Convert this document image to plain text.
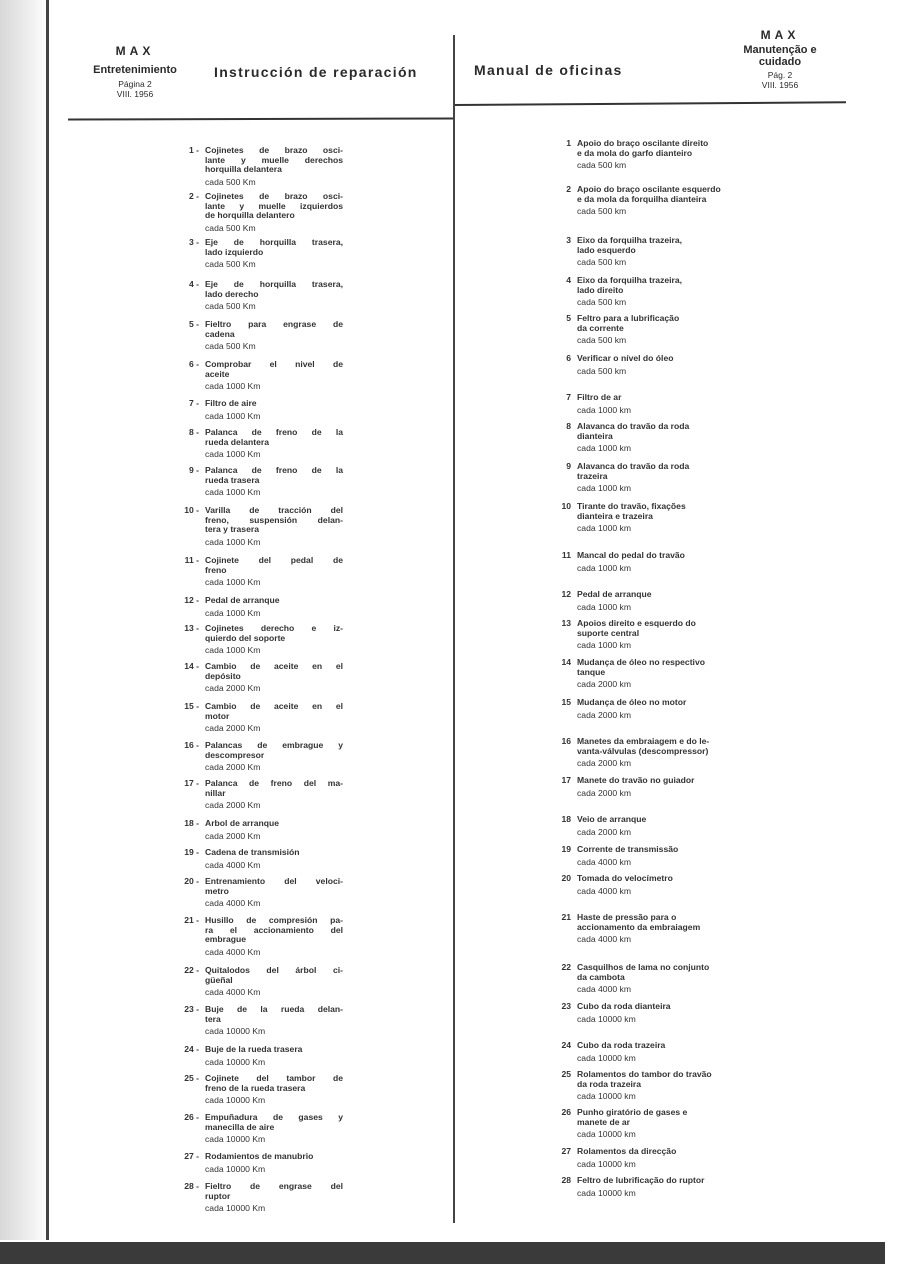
MAX
Entretenimiento
Página 2
VIII. 1956
Instrucción de reparación	Manual de oficinas
MAX
Manutenção e
cuidado
Pág. 2
VIII. 1956
1 - Cojinetes de brazo osci-
lante y muelle derechos
horquilla delantera
cada 500 Km
2 - Cojinetes de brazo osci-
lante y muelle izquierdos
de horquilla delantero
cada 500 Km
3 - Eje de horquilla trasera,
lado izquierdo
cada 500 Km
4 - Eje de horquilla trasera,
lado derecho
cada 500 Km
5 - Fieltro para engrase de
cadena
cada 500 Km
6 - Comprobar el nivel de
aceite
cada 1000 Km
7 - Filtro de aire
cada 1000 Km
8 - Palanca de freno de la
rueda delantera
cada 1000 Km
9 - Palanca de freno de la
rueda trasera
cada 1000 Km
10 - Varilla de tracción del
freno, suspensión delan-
tera y trasera
cada 1000 Km
11 - Cojinete del pedal de
freno
cada 1000 Km
12 - Pedal de arranque
cada 1000 Km
13 - Cojinetes derecho e iz-
quierdo del soporte
cada 1000 Km
14 - Cambio de aceite en el
depósito
cada 2000 Km
15 - Cambio de aceite en el
motor
cada 2000 Km
16 - Palancas de embrague y
descompresor
cada 2000 Km
17 - Palanca de freno del ma-
nillar
cada 2000 Km
18 - Arbol de arranque
cada 2000 Km
19 - Cadena de transmisión
cada 4000 Km
20 - Entrenamiento del veloci-
metro
cada 4000 Km
21 - Husillo de compresión pa-
ra el accionamiento del
embrague
cada 4000 Km
22 - Quitalodos del árbol ci-
güeñal
cada 4000 Km
23 - Buje de la rueda delan-
tera
cada 10000 Km
24 - Buje de la rueda trasera
cada 10000 Km
25 - Cojinete del tambor de
freno de la rueda trasera
cada 10000 Km
26 - Empuñadura de gases y
manecilla de aire
cada 10000 Km
27 - Rodamientos de manubrio
cada 10000 Km
28 - Fieltro de engrase del
ruptor
cada 10000 Km
1 Apoio do braço oscilante direito
e da mola do garfo dianteiro
cada 500 km
2 Apoio do braço oscilante esquerdo
e da mola da forquilha dianteira
cada 500 km
3 Eixo da forquilha trazeira,
lado esquerdo
cada 500 km
4 Eixo da forquilha trazeira,
lado direito
cada 500 km
5 Feltro para a lubrificação
da corrente
cada 500 km
6 Verificar o nível do óleo
cada 500 km
7 Filtro de ar
cada 1000 km
8 Alavanca do travão da roda
dianteira
cada 1000 km
9 Alavanca do travão da roda
trazeira
cada 1000 km
10 Tirante do travão, fixações
dianteira e trazeira
cada 1000 km
11 Mancal do pedal do travão
cada 1000 km
12 Pedal de arranque
cada 1000 km
13 Apoios direito e esquerdo do
suporte central
cada 1000 km
14 Mudança de óleo no respectivo
tanque
cada 2000 km
15 Mudança de óleo no motor
cada 2000 km
16 Manetes da embraiagem e do le-
vanta-válvulas (descompressor)
cada 2000 km
17 Manete do travão no guiador
cada 2000 km
18 Veio de arranque
cada 2000 km
19 Corrente de transmissão
cada 4000 km
20 Tomada do velocímetro
cada 4000 km
21 Haste de pressão para o
accionamento da embraiagem
cada 4000 km
22 Casquilhos de lama no conjunto
da cambota
cada 4000 km
23 Cubo da roda dianteira
cada 10000 km
24 Cubo da roda trazeira
cada 10000 km
25 Rolamentos do tambor do travão
da roda trazeira
cada 10000 km
26 Punho giratório de gases e
manete de ar
cada 10000 km
27 Rolamentos da direcção
cada 10000 km
28 Feltro de lubrificação do ruptor
cada 10000 km
